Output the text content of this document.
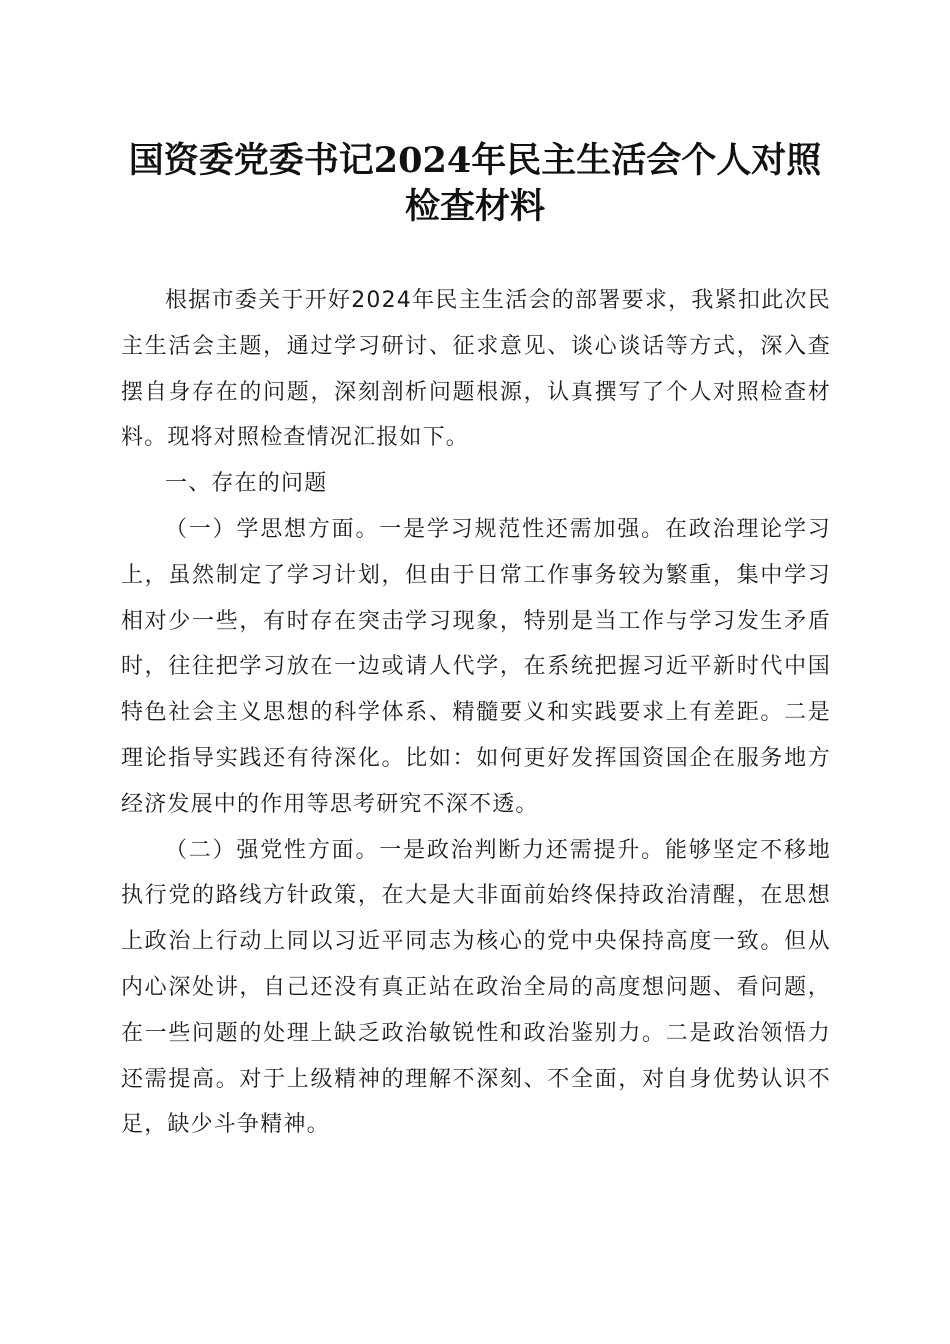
国资委党委书记2024年民主生活会个人对照
检查材料

根据市委关于开好2024年民主生活会的部署要求，我紧扣此次民主生活会主题，通过学习研讨、征求意见、谈心谈话等方式，深入查摆自身存在的问题，深刻剖析问题根源，认真撰写了个人对照检查材料。现将对照检查情况汇报如下。

一、存在的问题

（一）学思想方面。一是学习规范性还需加强。在政治理论学习上，虽然制定了学习计划，但由于日常工作事务较为繁重，集中学习相对少一些，有时存在突击学习现象，特别是当工作与学习发生矛盾时，往往把学习放在一边或请人代学，在系统把握习近平新时代中国特色社会主义思想的科学体系、精髓要义和实践要求上有差距。二是理论指导实践还有待深化。比如：如何更好发挥国资国企在服务地方经济发展中的作用等思考研究不深不透。

（二）强党性方面。一是政治判断力还需提升。能够坚定不移地执行党的路线方针政策，在大是大非面前始终保持政治清醒，在思想上政治上行动上同以习近平同志为核心的党中央保持高度一致。但从内心深处讲，自己还没有真正站在政治全局的高度想问题、看问题，在一些问题的处理上缺乏政治敏锐性和政治鉴别力。二是政治领悟力还需提高。对于上级精神的理解不深刻、不全面，对自身优势认识不足，缺少斗争精神。
